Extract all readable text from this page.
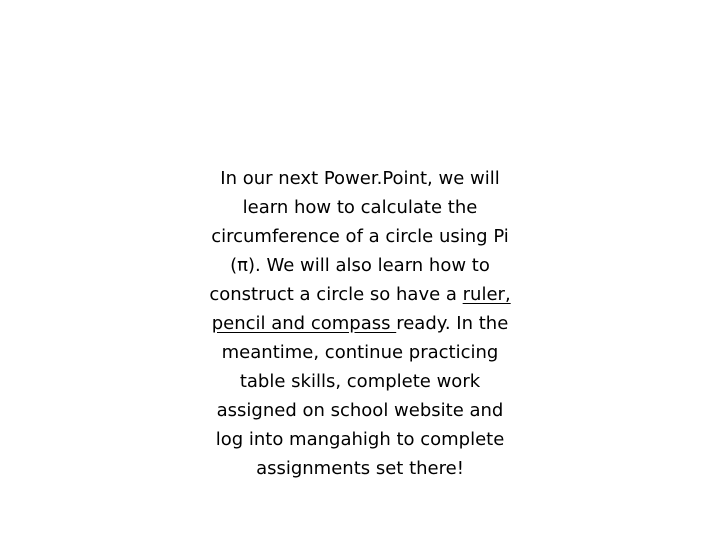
In our next Power.Point, we will
learn how to calculate the
circumference of a circle using Pi
(π). We will also learn how to
construct a circle so have a ruler,
pencil and compass ready. In the
meantime, continue practicing
table skills, complete work
assigned on school website and
log into mangahigh to complete
assignments set there!
